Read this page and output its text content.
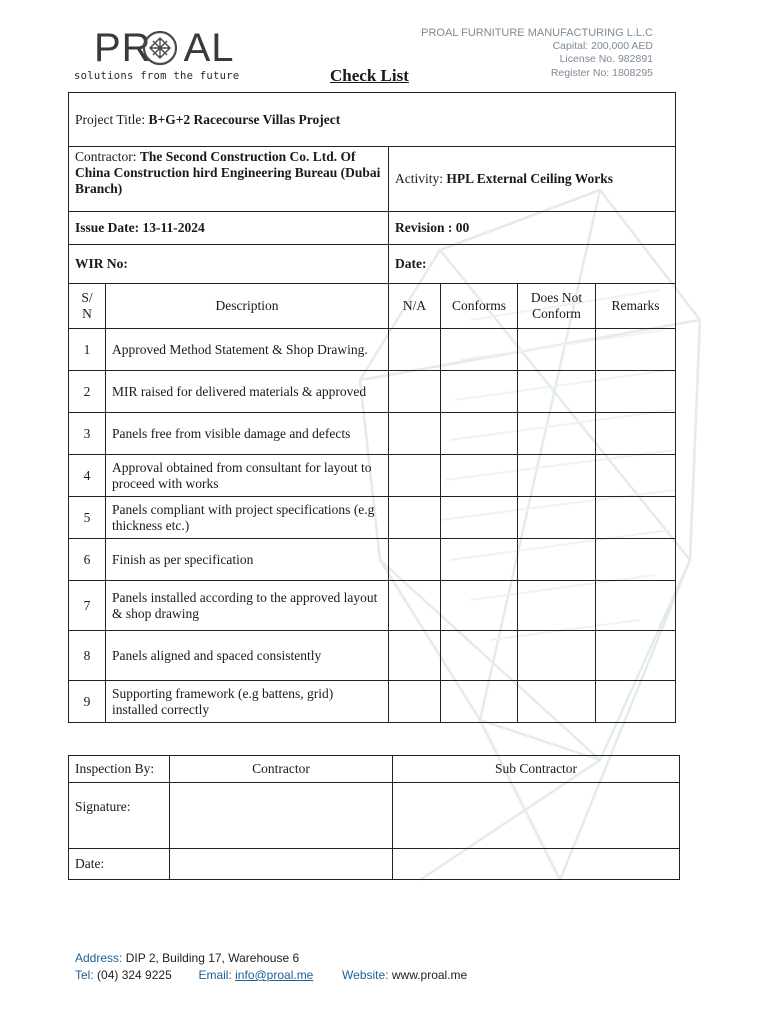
PR AL
solutions from the future
PROAL FURNITURE MANUFACTURING L.L.C
Capital: 200,000 AED
License No. 982891
Register No: 1808295
Check List
Project Title: B+G+2 Racecourse Villas Project					
Contractor: The Second Construction Co. Ltd. Of China Construction hird Engineering Bureau (Dubai Branch)		Activity: HPL External Ceiling Works			
Issue Date: 13-11-2024		Revision : 00			
WIR No:		Date:			
S/ N	Description	N/A	Conforms	Does Not Conform	Remarks
1	Approved Method Statement & Shop Drawing.				
2	MIR raised for delivered materials & approved				
3	Panels free from visible damage and defects				
4	Approval obtained from consultant for layout to proceed with works				
5	Panels compliant with project specifications (e.g thickness etc.)				
6	Finish as per specification				
7	Panels installed according to the approved layout & shop drawing				
8	Panels aligned and spaced consistently				
9	Supporting framework (e.g battens, grid) installed correctly				
Inspection By:	Contractor	Sub Contractor
Signature:		
Date:		
Address: DIP 2, Building 17, Warehouse 6
Tel: (04) 324 9225 Email: info@proal.me Website: www.proal.me
